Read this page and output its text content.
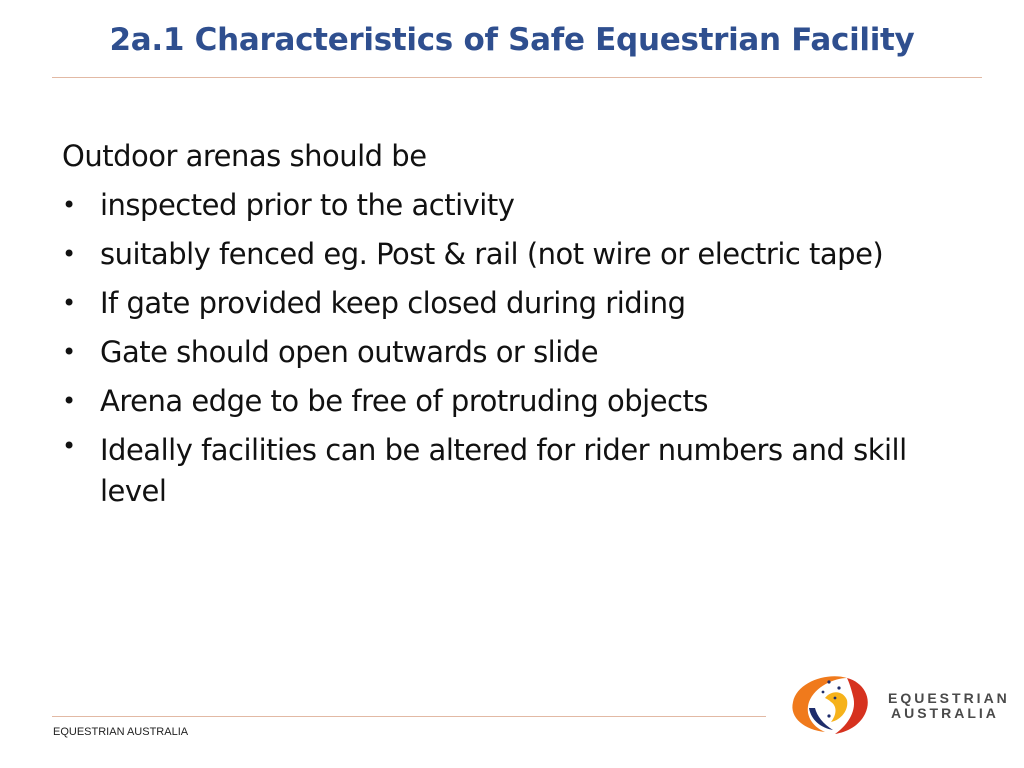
2a.1 Characteristics of Safe Equestrian Facility
Outdoor arenas should be
• inspected prior to the activity
• suitably fenced eg. Post & rail (not wire or electric tape)
• If gate provided keep closed during riding
• Gate should open outwards or slide
• Arena edge to be free of protruding objects
• Ideally facilities can be altered for rider numbers and skill level
EQUESTRIAN AUSTRALIA
EQUESTRIAN
AUSTRALIA
